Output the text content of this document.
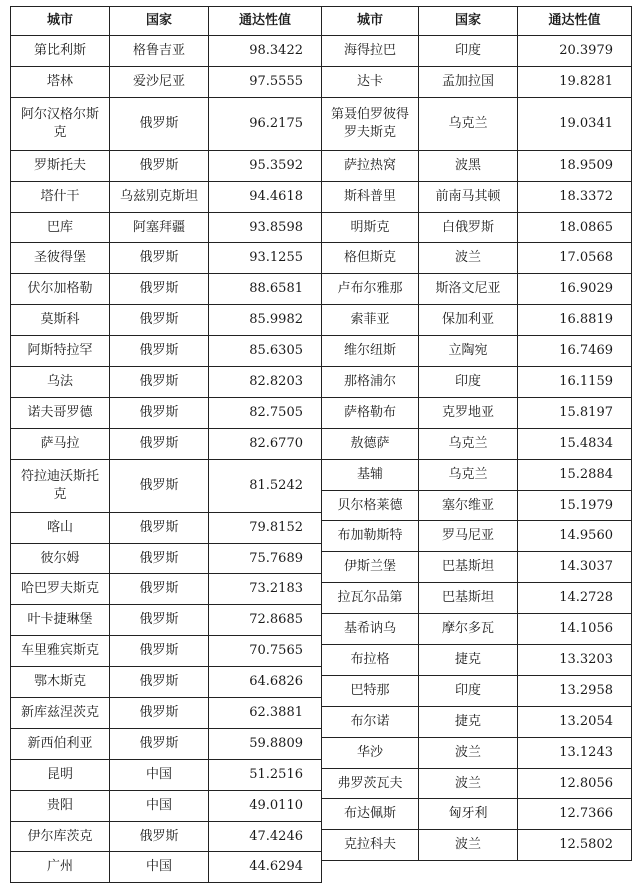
城市	国家	通达性值
第比利斯	格鲁吉亚	98.3422
塔林	爱沙尼亚	97.5555
阿尔汉格尔斯克	俄罗斯	96.2175
罗斯托夫	俄罗斯	95.3592
塔什干	乌兹别克斯坦	94.4618
巴库	阿塞拜疆	93.8598
圣彼得堡	俄罗斯	93.1255
伏尔加格勒	俄罗斯	88.6581
莫斯科	俄罗斯	85.9982
阿斯特拉罕	俄罗斯	85.6305
乌法	俄罗斯	82.8203
诺夫哥罗德	俄罗斯	82.7505
萨马拉	俄罗斯	82.6770
符拉迪沃斯托克	俄罗斯	81.5242
喀山	俄罗斯	79.8152
彼尔姆	俄罗斯	75.7689
哈巴罗夫斯克	俄罗斯	73.2183
叶卡捷琳堡	俄罗斯	72.8685
车里雅宾斯克	俄罗斯	70.7565
鄂木斯克	俄罗斯	64.6826
新库兹涅茨克	俄罗斯	62.3881
新西伯利亚	俄罗斯	59.8809
昆明	中国	51.2516
贵阳	中国	49.0110
伊尔库茨克	俄罗斯	47.4246
广州	中国	44.6294
城市	国家	通达性值
海得拉巴	印度	20.3979
达卡	孟加拉国	19.8281
第聂伯罗彼得罗夫斯克	乌克兰	19.0341
萨拉热窝	波黑	18.9509
斯科普里	前南马其顿	18.3372
明斯克	白俄罗斯	18.0865
格但斯克	波兰	17.0568
卢布尔雅那	斯洛文尼亚	16.9029
索菲亚	保加利亚	16.8819
维尔纽斯	立陶宛	16.7469
那格浦尔	印度	16.1159
萨格勒布	克罗地亚	15.8197
敖德萨	乌克兰	15.4834
基辅	乌克兰	15.2884
贝尔格莱德	塞尔维亚	15.1979
布加勒斯特	罗马尼亚	14.9560
伊斯兰堡	巴基斯坦	14.3037
拉瓦尔品第	巴基斯坦	14.2728
基希讷乌	摩尔多瓦	14.1056
布拉格	捷克	13.3203
巴特那	印度	13.2958
布尔诺	捷克	13.2054
华沙	波兰	13.1243
弗罗茨瓦夫	波兰	12.8056
布达佩斯	匈牙利	12.7366
克拉科夫	波兰	12.5802
